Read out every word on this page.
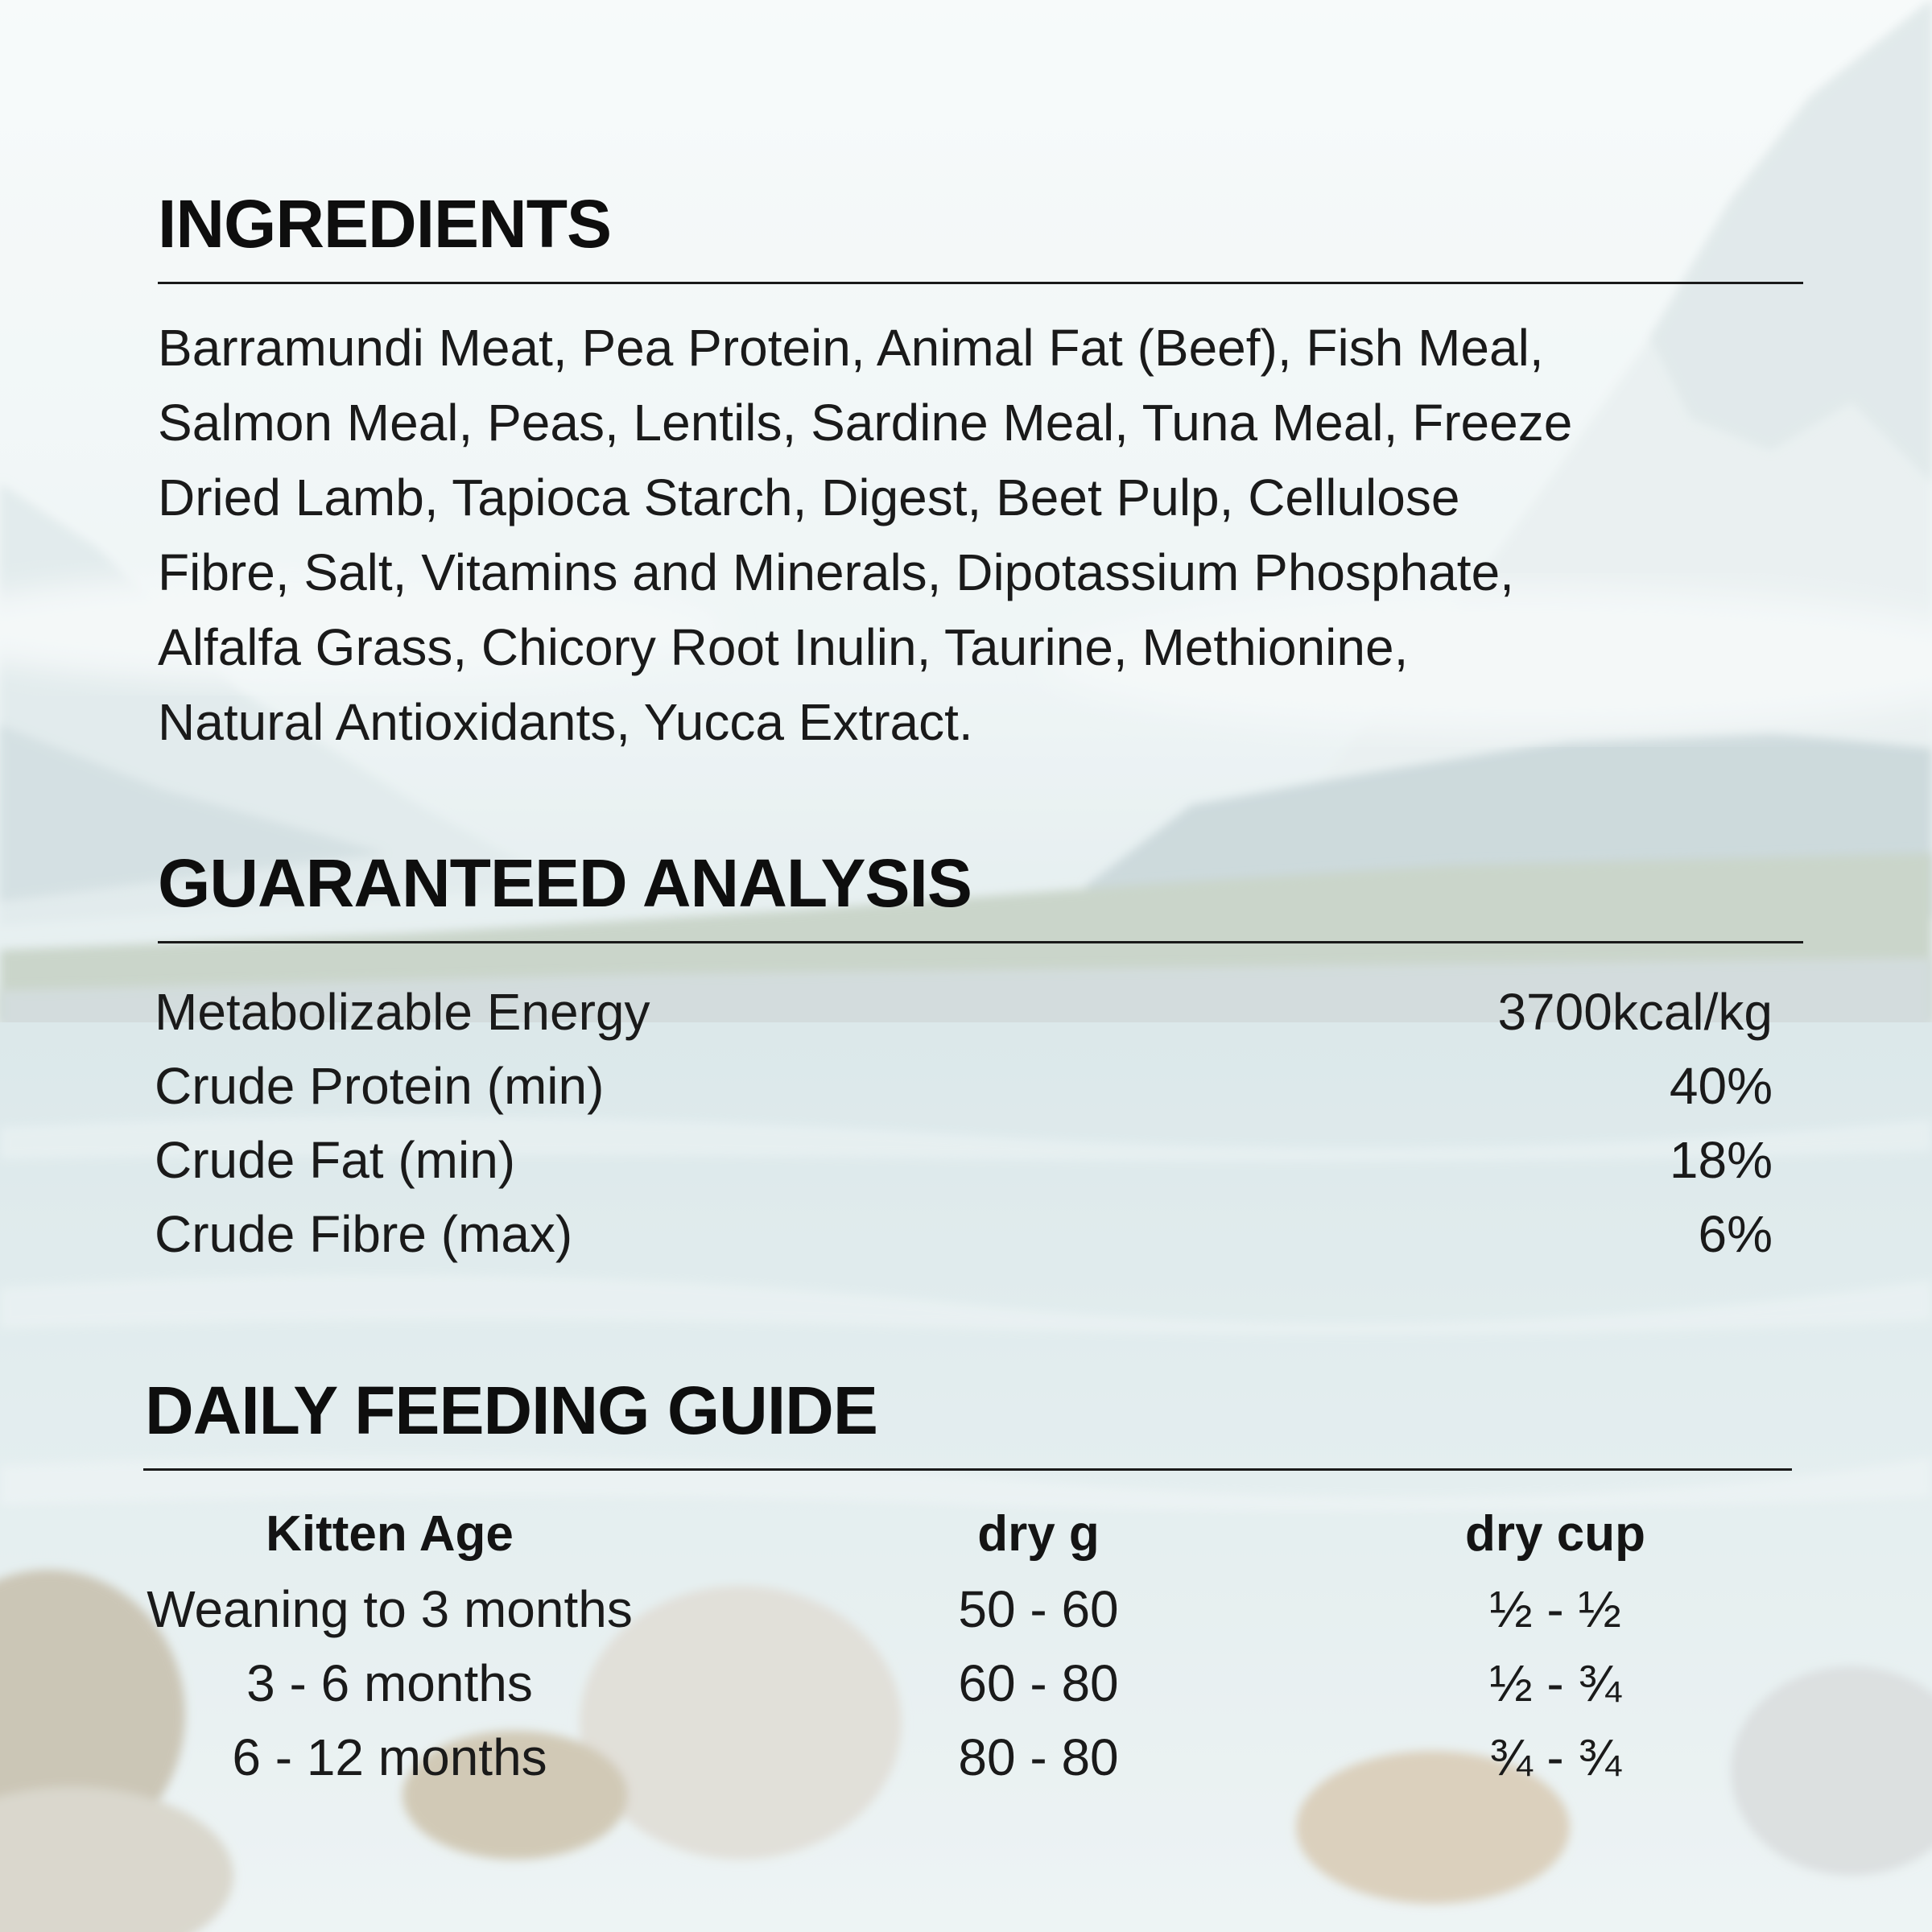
INGREDIENTS
Barramundi Meat, Pea Protein, Animal Fat (Beef), Fish Meal,
Salmon Meal, Peas, Lentils, Sardine Meal, Tuna Meal, Freeze
Dried Lamb, Tapioca Starch, Digest, Beet Pulp, Cellulose
Fibre, Salt, Vitamins and Minerals, Dipotassium Phosphate,
Alfalfa Grass, Chicory Root Inulin, Taurine, Methionine,
Natural Antioxidants, Yucca Extract.
GUARANTEED ANALYSIS
Metabolizable Energy	3700kcal/kg
Crude Protein (min)	40%
Crude Fat (min)	18%
Crude Fibre (max)	6%
DAILY FEEDING GUIDE
Kitten Age	dry g	dry cup
Weaning to 3 months	50 - 60	½ - ½
3 - 6 months	60 - 80	½ - ¾
6 - 12 months	80 - 80	¾ - ¾
